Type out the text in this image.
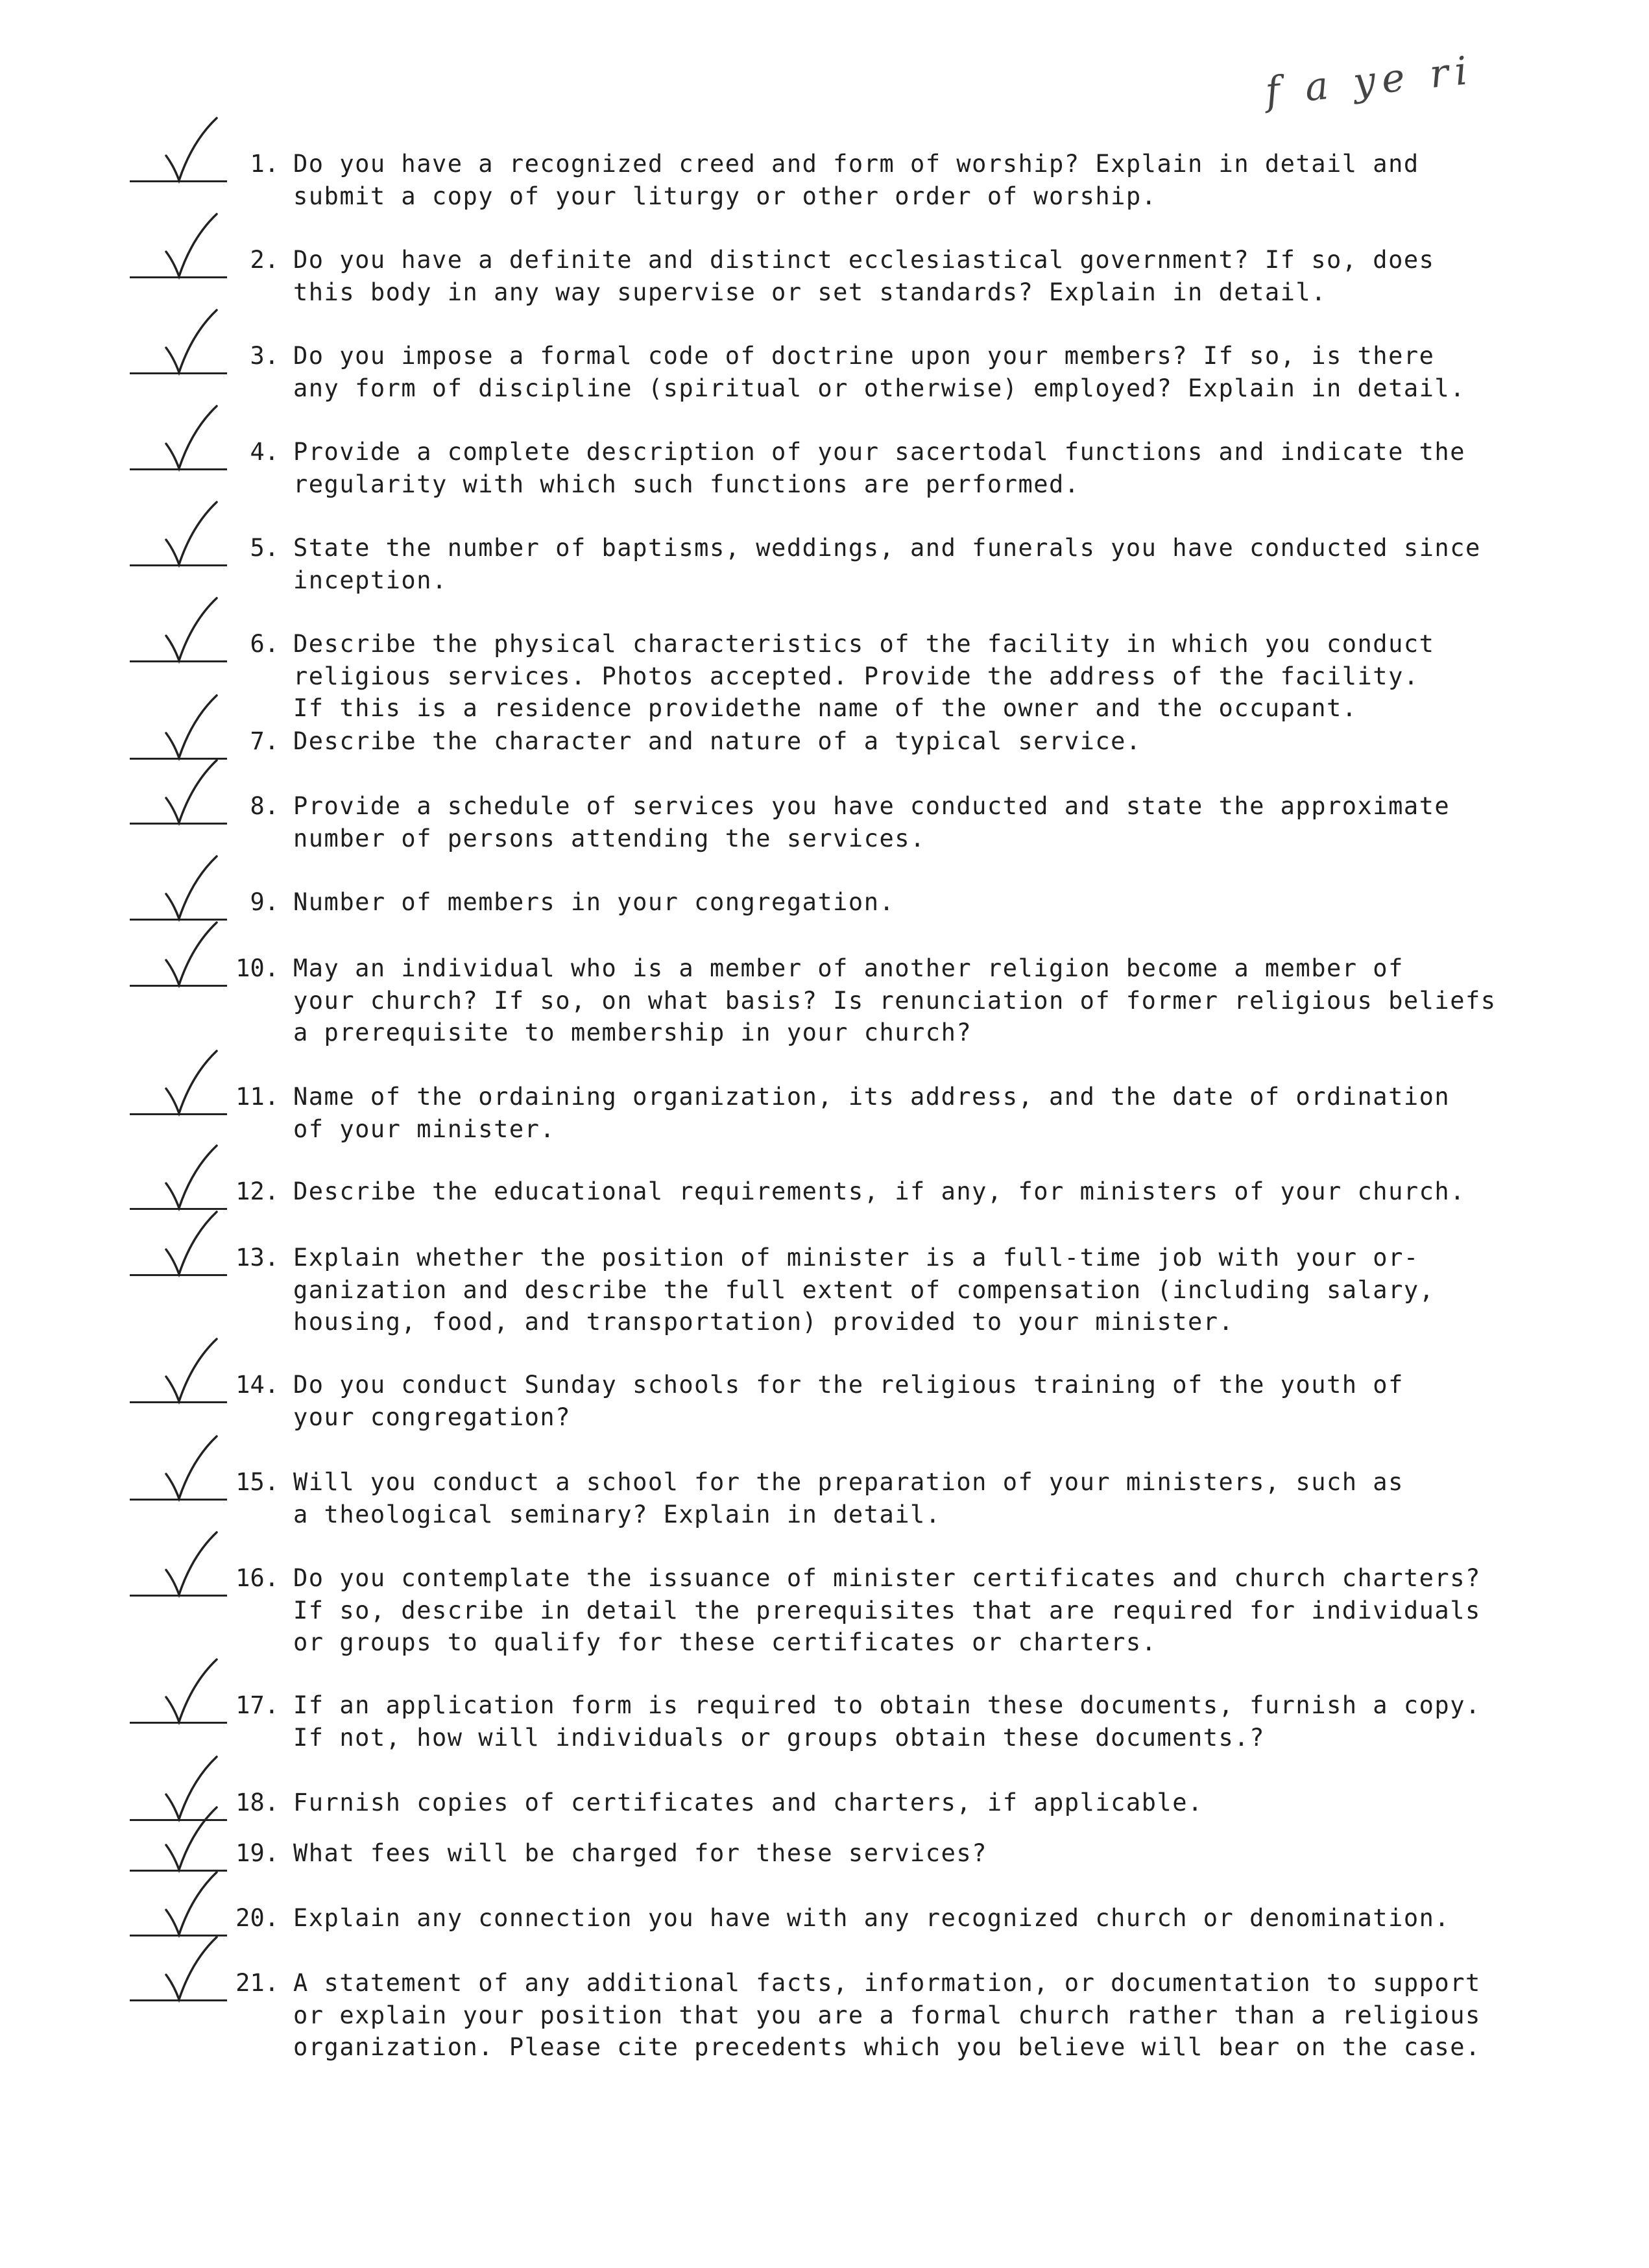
f a ye ri
1. Do you have a recognized creed and form of worship? Explain in detail and
submit a copy of your liturgy or other order of worship.
2. Do you have a definite and distinct ecclesiastical government? If so, does
this body in any way supervise or set standards? Explain in detail.
3. Do you impose a formal code of doctrine upon your members? If so, is there
any form of discipline (spiritual or otherwise) employed? Explain in detail.
4. Provide a complete description of your sacertodal functions and indicate the
regularity with which such functions are performed.
5. State the number of baptisms, weddings, and funerals you have conducted since
inception.
6. Describe the physical characteristics of the facility in which you conduct
religious services. Photos accepted. Provide the address of the facility.
If this is a residence providethe name of the owner and the occupant.
7. Describe the character and nature of a typical service.
8. Provide a schedule of services you have conducted and state the approximate
number of persons attending the services.
9. Number of members in your congregation.
10. May an individual who is a member of another religion become a member of
your church? If so, on what basis? Is renunciation of former religious beliefs
a prerequisite to membership in your church?
11. Name of the ordaining organization, its address, and the date of ordination
of your minister.
12. Describe the educational requirements, if any, for ministers of your church.
13. Explain whether the position of minister is a full-time job with your or-
ganization and describe the full extent of compensation (including salary,
housing, food, and transportation) provided to your minister.
14. Do you conduct Sunday schools for the religious training of the youth of
your congregation?
15. Will you conduct a school for the preparation of your ministers, such as
a theological seminary? Explain in detail.
16. Do you contemplate the issuance of minister certificates and church charters?
If so, describe in detail the prerequisites that are required for individuals
or groups to qualify for these certificates or charters.
17. If an application form is required to obtain these documents, furnish a copy.
If not, how will individuals or groups obtain these documents.?
18. Furnish copies of certificates and charters, if applicable.
19. What fees will be charged for these services?
20. Explain any connection you have with any recognized church or denomination.
21. A statement of any additional facts, information, or documentation to support
or explain your position that you are a formal church rather than a religious
organization. Please cite precedents which you believe will bear on the case.
